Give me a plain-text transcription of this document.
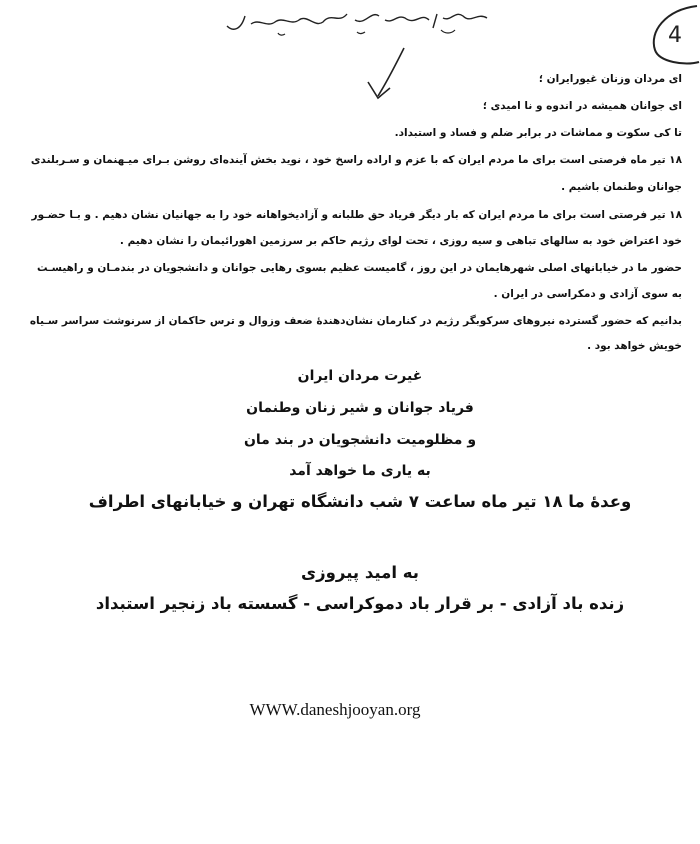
این اطلاعیه را در کرمان دیدم	4
ای مردان وزنان غیورایران ؛
ای جوانان همیشه در اندوه و نا امیدی ؛
تا کی سکوت و مماشات در برابر ضلم و فساد و استبداد.
۱۸ تیر ماه فرصتی است برای ما مردم ایران که با عزم و اراده راسخ خود ، نوید بخش آینده‌ای روشن بـرای میـهنمان و سـربلندی
جوانان وطنمان باشیم .
۱۸ تیر فرصتی است برای ما مردم ایران که بار دیگر فریاد حق طلبانه و آزادیخواهانه خود را به جهانیان نشان دهیم . و بـا حضـور
خود اعتراض خود به سالهای تباهی و سیه روزی ، تحت لوای رژیم حاکم بر سرزمین اهورائیمان را نشان دهیم .
حضور ما در خیابانهای اصلی شهرهایمان در این روز ، گامیست عظیم بسوی رهایی جوانان و دانشجویان در بندمـان و راهیسـت
به سوی آزادی و دمکراسی در ایران .
بدانیم که حضور گسترده نیروهای سرکوبگر رژیم در کنارمان نشان‌دهندۀ ضعف وزوال و ترس حاکمان از سرنوشت سراسر سـیاه
خویش خواهد بود .
غیرت مردان ایران
فریاد جوانان و شیر زنان وطنمان
و مظلومیت دانشجویان در بند مان
به یاری ما خواهد آمد
وعدۀ ما ۱۸ تیر ماه ساعت ۷ شب دانشگاه تهران و خیابانهای اطراف
به امید پیروزی
زنده باد آزادی - بر قرار باد دموکراسی - گسسته باد زنجیر استبداد
WWW.daneshjooyan.org
